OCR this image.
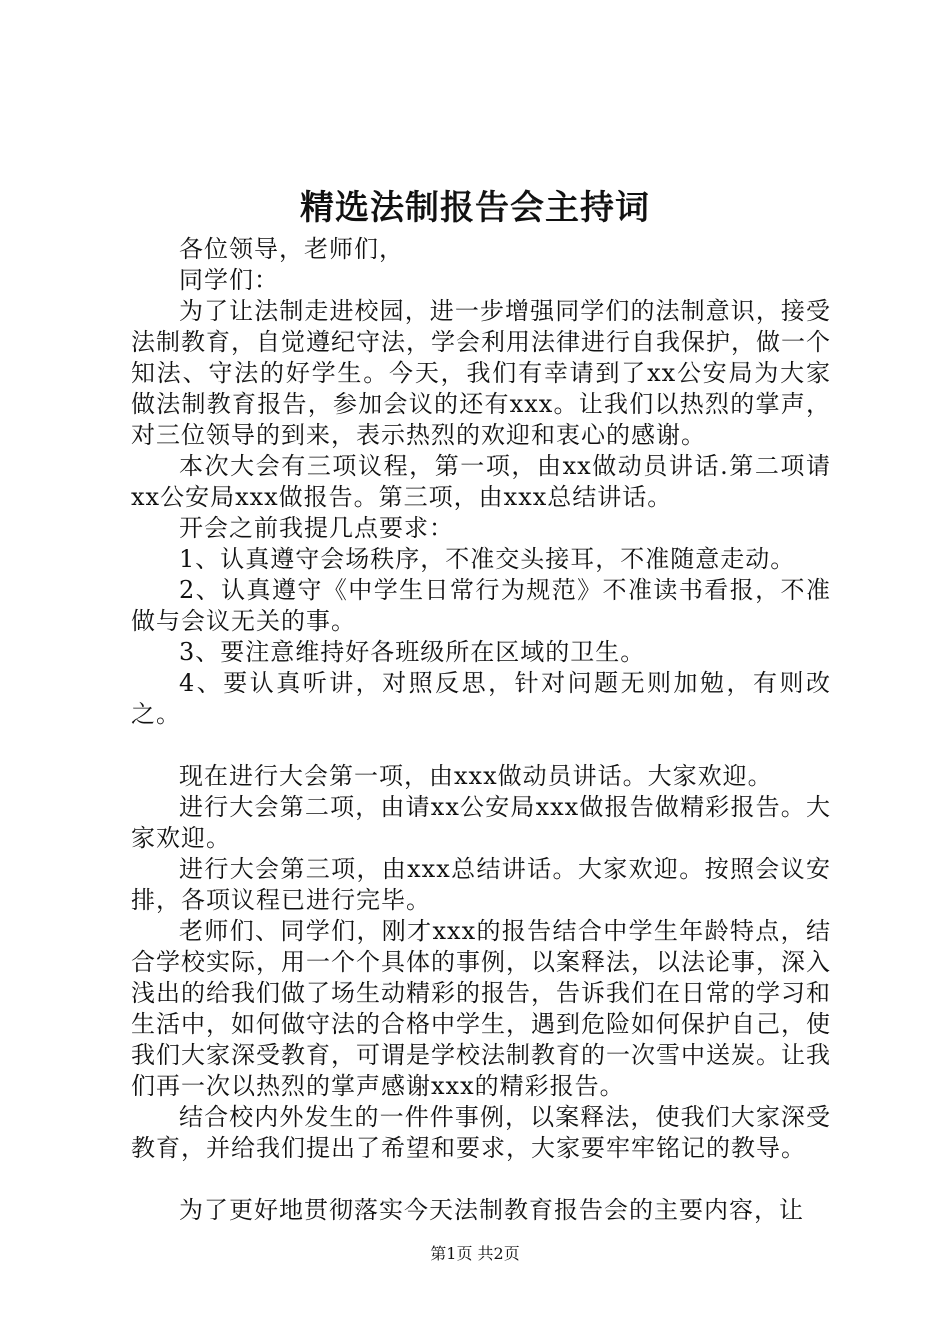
精选法制报告会主持词

各位领导，老师们，

同学们：

为了让法制走进校园，进一步增强同学们的法制意识，接受法制教育，自觉遵纪守法，学会利用法律进行自我保护，做一个知法、守法的好学生。今天，我们有幸请到了xx公安局为大家做法制教育报告，参加会议的还有xxx。让我们以热烈的掌声，对三位领导的到来，表示热烈的欢迎和衷心的感谢。

本次大会有三项议程，第一项，由xx做动员讲话.第二项请xx公安局xxx做报告。第三项，由xxx总结讲话。

开会之前我提几点要求：

1、认真遵守会场秩序，不准交头接耳，不准随意走动。

2、认真遵守《中学生日常行为规范》不准读书看报，不准做与会议无关的事。

3、要注意维持好各班级所在区域的卫生。

4、要认真听讲，对照反思，针对问题无则加勉，有则改之。

现在进行大会第一项，由xxx做动员讲话。大家欢迎。

进行大会第二项，由请xx公安局xxx做报告做精彩报告。大家欢迎。

进行大会第三项，由xxx总结讲话。大家欢迎。按照会议安排，各项议程已进行完毕。

老师们、同学们，刚才xxx的报告结合中学生年龄特点，结合学校实际，用一个个具体的事例，以案释法，以法论事，深入浅出的给我们做了场生动精彩的报告，告诉我们在日常的学习和生活中，如何做守法的合格中学生，遇到危险如何保护自己，使我们大家深受教育，可谓是学校法制教育的一次雪中送炭。让我们再一次以热烈的掌声感谢xxx的精彩报告。

结合校内外发生的一件件事例，以案释法，使我们大家深受教育，并给我们提出了希望和要求，大家要牢牢铭记的教导。

为了更好地贯彻落实今天法制教育报告会的主要内容，让

第1页 共2页
